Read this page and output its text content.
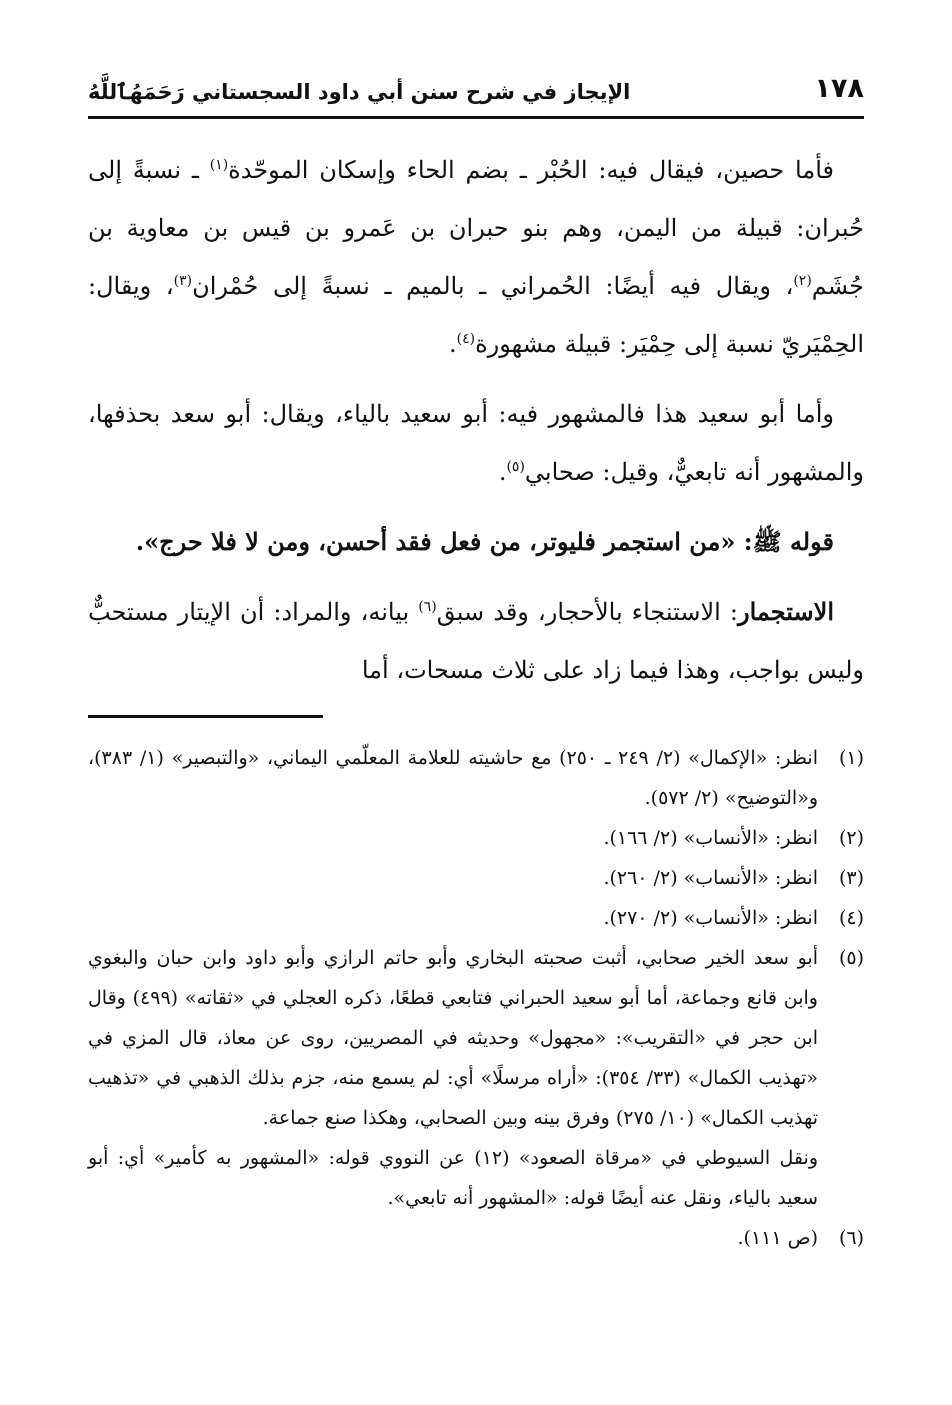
١٧٨
الإيجاز في شرح سنن أبي داود السجستاني رَحَمَهُٱللَّهُ

فأما حصين، فيقال فيه: الحُبْر ـ بضم الحاء وإسكان الموحّدة$^{(١)}$ ـ نسبةً إلى حُبران: قبيلة من اليمن، وهم بنو حبران بن عَمرو بن قيس بن معاوية بن جُشَم$^{(٢)}$، ويقال فيه أيضًا: الحُمراني ـ بالميم ـ نسبةً إلى حُمْران$^{(٣)}$، ويقال: الحِمْيَريّ نسبة إلى حِمْيَر: قبيلة مشهورة$^{(٤)}$.

وأما أبو سعيد هذا فالمشهور فيه: أبو سعيد بالياء، ويقال: أبو سعد بحذفها، والمشهور أنه تابعيٌّ، وقيل: صحابي$^{(٥)}$.

قوله ﷺ: «من استجمر فليوتر، من فعل فقد أحسن، ومن لا فلا حرج».

الاستجمار: الاستنجاء بالأحجار، وقد سبق$^{(٦)}$ بيانه، والمراد: أن الإيتار مستحبٌّ وليس بواجب، وهذا فيما زاد على ثلاث مسحات، أما

(١)
انظر: «الإكمال» (٢/ ٢٤٩ ـ ٢٥٠) مع حاشيته للعلامة المعلّمي اليماني، «والتبصير» (١/ ٣٨٣)، و«التوضيح» (٢/ ٥٧٢).
(٢)
انظر: «الأنساب» (٢/ ١٦٦).
(٣)
انظر: «الأنساب» (٢/ ٢٦٠).
(٤)
انظر: «الأنساب» (٢/ ٢٧٠).
(٥)
أبو سعد الخير صحابي، أثبت صحبته البخاري وأبو حاتم الرازي وأبو داود وابن حبان والبغوي وابن قانع وجماعة، أما أبو سعيد الحبراني فتابعي قطعًا، ذكره العجلي في «ثقاته» (٤٩٩) وقال ابن حجر في «التقريب»: «مجهول» وحديثه في المصريين، روى عن معاذ، قال المزي في «تهذيب الكمال» (٣٣/ ٣٥٤): «أراه مرسلًا» أي: لم يسمع منه، جزم بذلك الذهبي في «تذهيب تهذيب الكمال» (١٠/ ٢٧٥) وفرق بينه وبين الصحابي، وهكذا صنع جماعة.
ونقل السيوطي في «مرقاة الصعود» (١٢) عن النووي قوله: «المشهور به كأمير» أي: أبو سعيد بالياء، ونقل عنه أيضًا قوله: «المشهور أنه تابعي».
(٦)
(ص ١١١).
